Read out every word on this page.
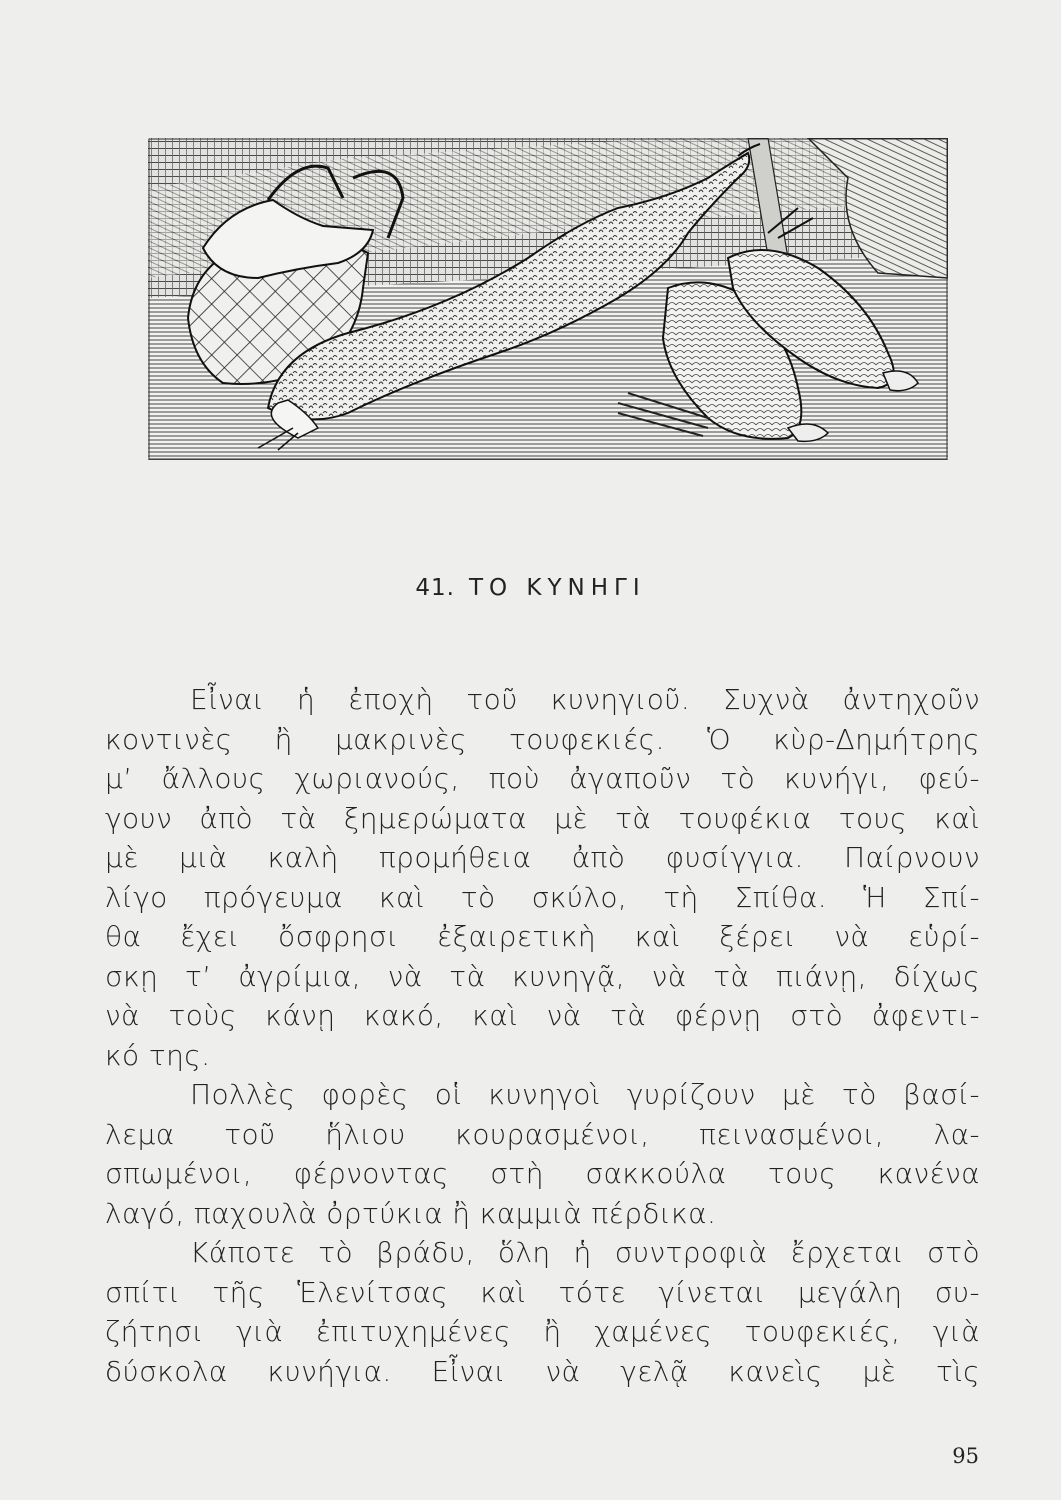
41. ΤΟ ΚΥΝΗΓΙ
Εἶναι ἡ ἐποχὴ τοῦ κυνηγιοῦ. Συχνὰ ἀντηχοῦν
κοντινὲς ἢ μακρινὲς τουφεκιές. Ὁ κὺρ-Δημήτρης
μ’ ἄλλους χωριανούς, ποὺ ἀγαποῦν τὸ κυνήγι, φεύ-
γουν ἀπὸ τὰ ξημερώματα μὲ τὰ τουφέκια τους καὶ
μὲ μιὰ καλὴ προμήθεια ἀπὸ φυσίγγια. Παίρνουν
λίγο πρόγευμα καὶ τὸ σκύλο, τὴ Σπίθα. Ἡ Σπί-
θα ἔχει ὄσφρησι ἐξαιρετικὴ καὶ ξέρει νὰ εὑρί-
σκῃ τ’ ἀγρίμια, νὰ τὰ κυνηγᾷ, νὰ τὰ πιάνῃ, δίχως
νὰ τοὺς κάνῃ κακό, καὶ νὰ τὰ φέρνῃ στὸ ἀφεντι-
κό της.
Πολλὲς φορὲς οἱ κυνηγοὶ γυρίζουν μὲ τὸ βασί-
λεμα τοῦ ἥλιου κουρασμένοι, πεινασμένοι, λα-
σπωμένοι, φέρνοντας στὴ σακκούλα τους κανένα
λαγό, παχουλὰ ὀρτύκια ἢ καμμιὰ πέρδικα.
Κάποτε τὸ βράδυ, ὅλη ἡ συντροφιὰ ἔρχεται στὸ
σπίτι τῆς Ἑλενίτσας καὶ τότε γίνεται μεγάλη συ-
ζήτησι γιὰ ἐπιτυχημένες ἢ χαμένες τουφεκιές, γιὰ
δύσκολα κυνήγια. Εἶναι νὰ γελᾷ κανεὶς μὲ τὶς
95
